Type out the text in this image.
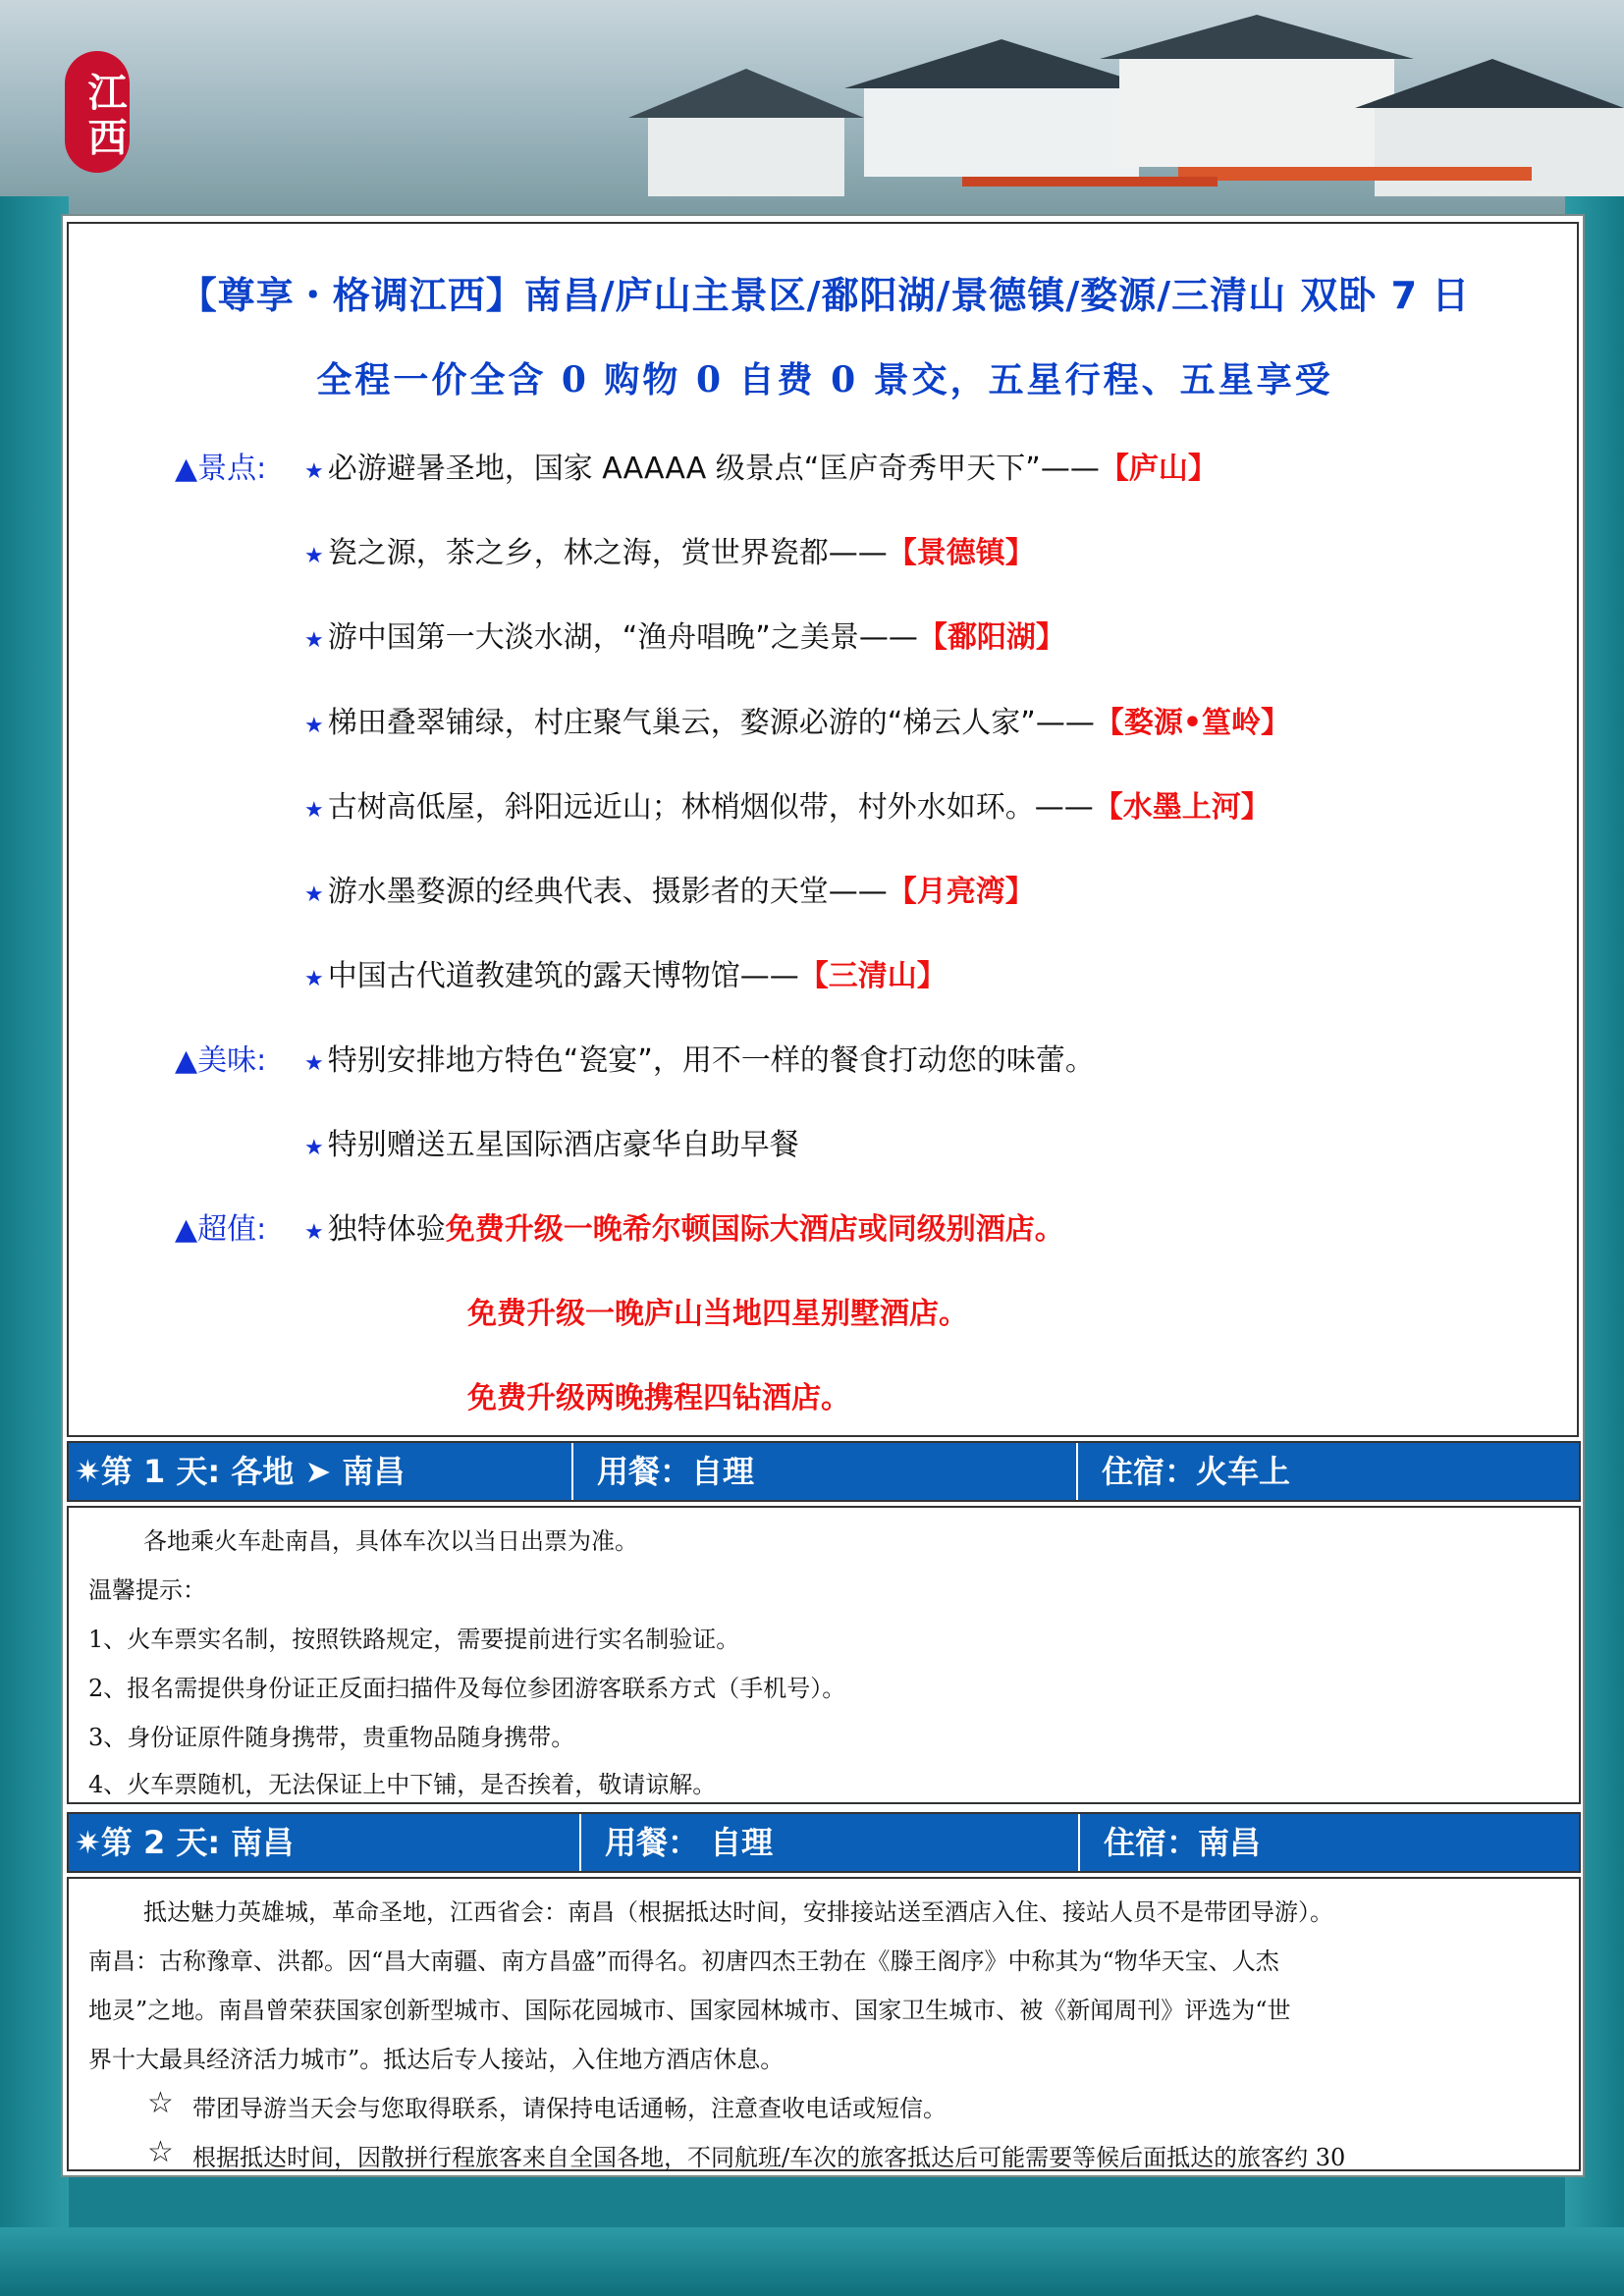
江西
【尊享・格调江西】南昌/庐山主景区/鄱阳湖/景德镇/婺源/三清山 双卧 7 日
全程一价全含 0 购物 0 自费 0 景交，五星行程、五星享受
▲景点: ★ 必游避暑圣地，国家 AAAAA 级景点“匡庐奇秀甲天下”——【庐山】
★ 瓷之源，茶之乡，林之海，赏世界瓷都——【景德镇】
★ 游中国第一大淡水湖，“渔舟唱晚”之美景——【鄱阳湖】
★ 梯田叠翠铺绿，村庄聚气巢云，婺源必游的“梯云人家”——【婺源•篁岭】
★ 古树高低屋，斜阳远近山；林梢烟似带，村外水如环。——【水墨上河】
★ 游水墨婺源的经典代表、摄影者的天堂——【月亮湾】
★ 中国古代道教建筑的露天博物馆——【三清山】
▲美味: ★ 特别安排地方特色“瓷宴”，用不一样的餐食打动您的味蕾。
★ 特别赠送五星国际酒店豪华自助早餐
▲超值: ★ 独特体验免费升级一晚希尔顿国际大酒店或同级别酒店。
免费升级一晚庐山当地四星别墅酒店。
免费升级两晚携程四钻酒店。
✷第 1 天: 各地 ➤ 南昌	用餐：自理	住宿：火车上
各地乘火车赴南昌，具体车次以当日出票为准。
温馨提示：
1、火车票实名制，按照铁路规定，需要提前进行实名制验证。
2、报名需提供身份证正反面扫描件及每位参团游客联系方式（手机号）。
3、身份证原件随身携带，贵重物品随身携带。
4、火车票随机，无法保证上中下铺，是否挨着，敬请谅解。
✷第 2 天: 南昌	用餐： 自理	住宿：南昌
抵达魅力英雄城，革命圣地，江西省会：南昌（根据抵达时间，安排接站送至酒店入住、接站人员不是带团导游）。
南昌：古称豫章、洪都。因“昌大南疆、南方昌盛”而得名。初唐四杰王勃在《滕王阁序》中称其为“物华天宝、人杰
地灵”之地。南昌曾荣获国家创新型城市、国际花园城市、国家园林城市、国家卫生城市、被《新闻周刊》评选为“世
界十大最具经济活力城市”。抵达后专人接站，入住地方酒店休息。
☆ 带团导游当天会与您取得联系，请保持电话通畅，注意查收电话或短信。
☆ 根据抵达时间，因散拼行程旅客来自全国各地，不同航班/车次的旅客抵达后可能需要等候后面抵达的旅客约 30
